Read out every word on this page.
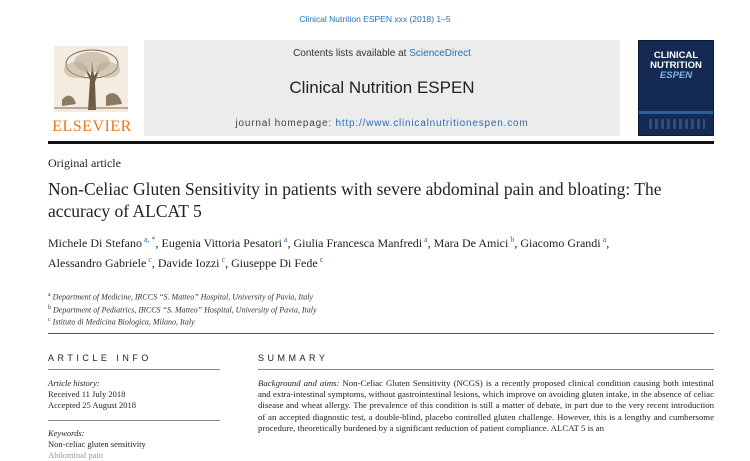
Clinical Nutrition ESPEN xxx (2018) 1–5
ELSEVIER
Contents lists available at ScienceDirect
Clinical Nutrition ESPEN
journal homepage: http://www.clinicalnutritionespen.com
CLINICAL
NUTRITION
ESPEN
Original article
Non-Celiac Gluten Sensitivity in patients with severe abdominal pain and bloating: The accuracy of ALCAT 5
Michele Di Stefano $^{a, *}$, Eugenia Vittoria Pesatori $^a$, Giulia Francesca Manfredi $^a$, Mara De Amici $^b$, Giacomo Grandi $^a$, Alessandro Gabriele $^c$, Davide Iozzi $^c$, Giuseppe Di Fede $^c$
$^a$ Department of Medicine, IRCCS “S. Matteo” Hospital, University of Pavia, Italy
$^b$ Department of Pediatrics, IRCCS “S. Matteo” Hospital, University of Pavia, Italy
$^c$ Istituto di Medicina Biologica, Milano, Italy
ARTICLE INFO	SUMMARY
Article history:
Received 11 July 2018
Accepted 25 August 2018
Keywords:
Non-celiac gluten sensitivity
Abdominal pain
Background and aims: Non-Celiac Gluten Sensitivity (NCGS) is a recently proposed clinical condition causing both intestinal and extra-intestinal symptoms, without gastrointestinal lesions, which improve on avoiding gluten intake, in the absence of celiac disease and wheat allergy. The prevalence of this condition is still a matter of debate, in part due to the very recent introduction of an accepted diagnostic test, a double-blind, placebo controlled gluten challenge. However, this is a lengthy and cumbersome procedure, theoretically burdened by a significant reduction of patient compliance. ALCAT 5 is an
